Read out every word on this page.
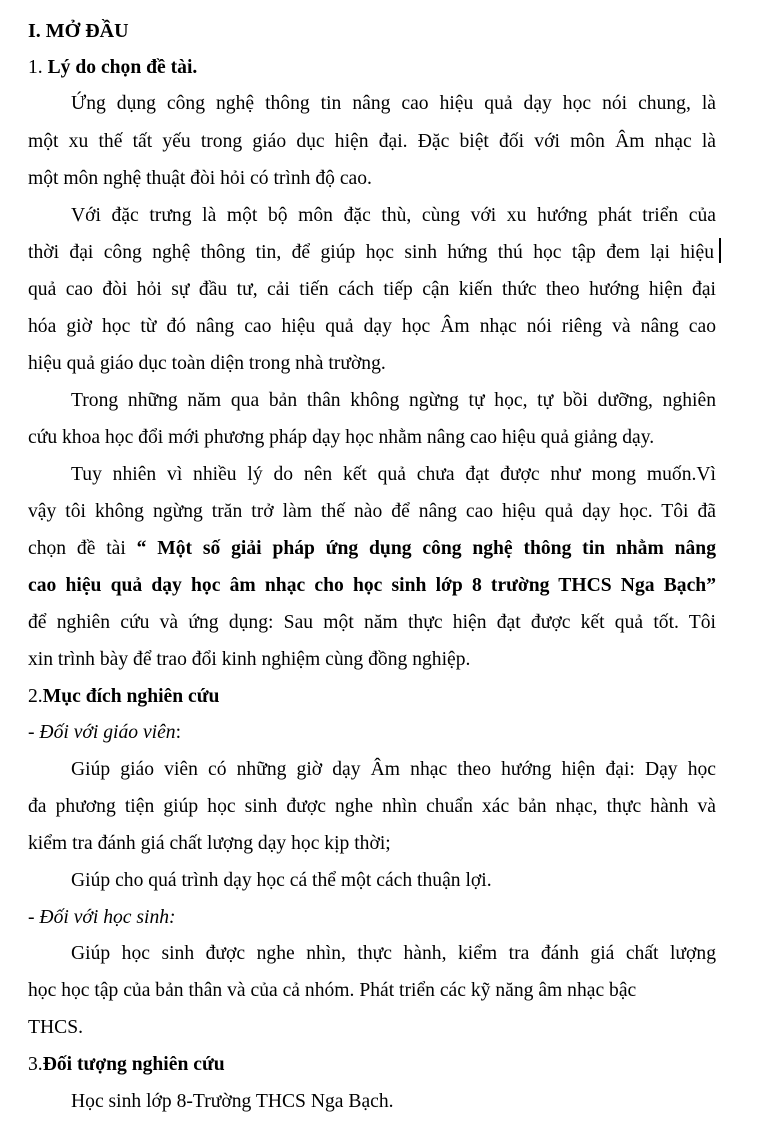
I. MỞ ĐẦU
1. Lý do chọn đề tài.
Ứng dụng công nghệ thông tin nâng cao hiệu quả dạy học nói chung, là
một xu thế tất yếu trong giáo dục hiện đại. Đặc biệt đối với môn Âm nhạc là
một môn nghệ thuật đòi hỏi có trình độ cao.
Với đặc trưng là một bộ môn đặc thù, cùng với xu hướng phát triển của
thời đại công nghệ thông tin, để giúp học sinh hứng thú học tập đem lại hiệu
quả cao đòi hỏi sự đầu tư, cải tiến cách tiếp cận kiến thức theo hướng hiện đại
hóa giờ học từ đó nâng cao hiệu quả dạy học Âm nhạc nói riêng và nâng cao
hiệu quả giáo dục toàn diện trong nhà trường.
Trong những năm qua bản thân không ngừng tự học, tự bồi dưỡng, nghiên
cứu khoa học đổi mới phương pháp dạy học nhằm nâng cao hiệu quả giảng dạy.
Tuy nhiên vì nhiều lý do nên kết quả chưa đạt được như mong muốn.Vì
vậy tôi không ngừng trăn trở làm thế nào để nâng cao hiệu quả dạy học. Tôi đã
chọn đề tài “ Một số giải pháp ứng dụng công nghệ thông tin nhằm nâng
cao hiệu quả dạy học âm nhạc cho học sinh lớp 8 trường THCS Nga Bạch”
để nghiên cứu và ứng dụng: Sau một năm thực hiện đạt được kết quả tốt. Tôi
xin trình bày để trao đổi kinh nghiệm cùng đồng nghiệp.
2.Mục đích nghiên cứu
- Đối với giáo viên:
Giúp giáo viên có những giờ dạy Âm nhạc theo hướng hiện đại: Dạy học
đa phương tiện giúp học sinh được nghe nhìn chuẩn xác bản nhạc, thực hành và
kiểm tra đánh giá chất lượng dạy học kịp thời;
Giúp cho quá trình dạy học cá thể một cách thuận lợi.
- Đối với học sinh:
Giúp học sinh được nghe nhìn, thực hành, kiểm tra đánh giá chất lượng
học học tập của bản thân và của cả nhóm. Phát triển các kỹ năng âm nhạc bậc
THCS.
3.Đối tượng nghiên cứu
Học sinh lớp 8-Trường THCS Nga Bạch.
